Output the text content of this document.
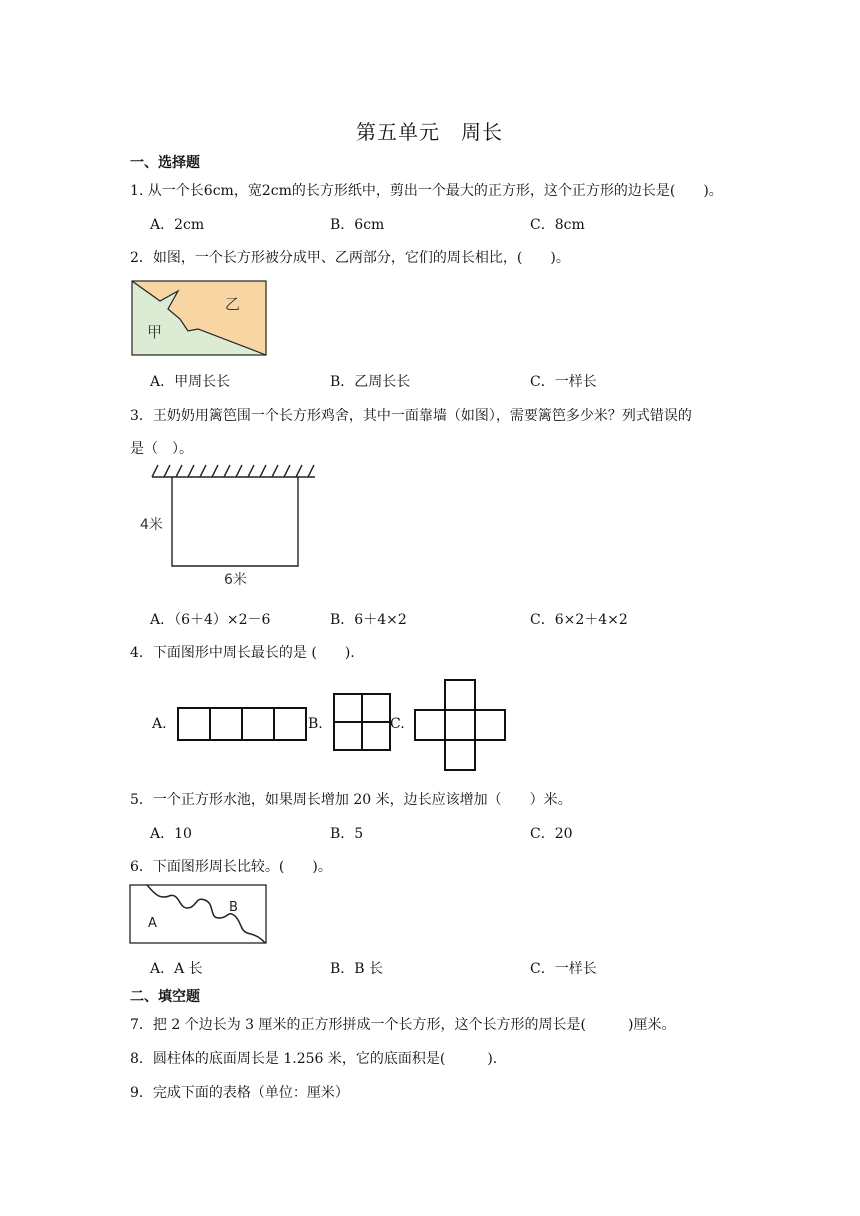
第五单元　周长
一、选择题
1. 从一个长6cm，宽2cm的长方形纸中，剪出一个最大的正方形，这个正方形的边长是(　　)。
A．2cm	B．6cm	C．8cm
2．如图，一个长方形被分成甲、乙两部分，它们的周长相比，(　　)。
乙
甲
A．甲周长长	B．乙周长长	C．一样长
3．王奶奶用篱笆围一个长方形鸡舍，其中一面靠墙（如图），需要篱笆多少米？列式错误的
是（　）。
4米
6米
A．（6＋4）×2－6	B．6＋4×2	C．6×2＋4×2
4．下面图形中周长最长的是 (　　).
A.	B.	C.
5．一个正方形水池，如果周长增加 20 米，边长应该增加（　　）米。
A．10	B．5	C．20
6．下面图形周长比较。(　　)。
A
B
A．A 长	B．B 长	C．一样长
二、填空题
7．把 2 个边长为 3 厘米的正方形拼成一个长方形，这个长方形的周长是(　　　)厘米。
8．圆柱体的底面周长是 1.256 米，它的底面积是(　　　).
9．完成下面的表格（单位：厘米）
